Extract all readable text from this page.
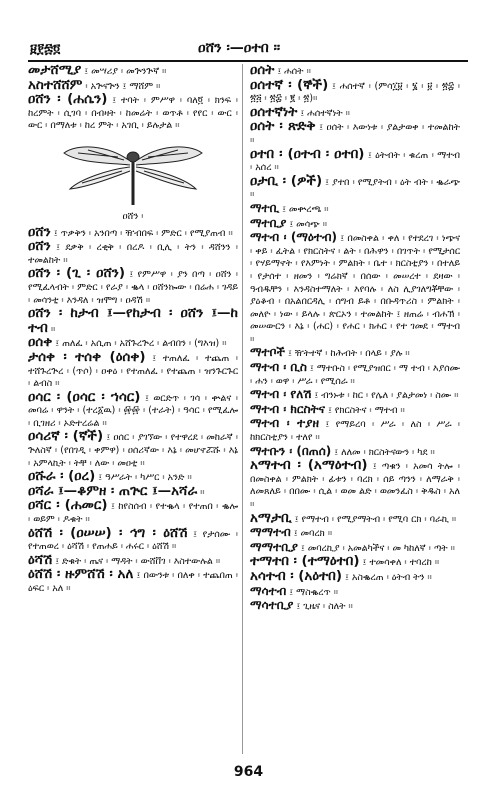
፱፻፷፬	ዐሸን ፡—ዐተበ ።

መታሸሚያ ፤ መሣሪያ ፡ መጕንጕኛ ።

አስተሸሸም ፡ አጕናጕን ፤ ማሸም ።

ዐሸን ፡ (ሐሴን) ፤ ተባት ፡ ምሥዋ ፡ ባለ፬ ፡ ክንፍ ፡ ከረምት ፡ ሲገባ ፡ በብዛት ፡ ከመሬት ፡ ወጥቶ ፡ የየር ፡ ውር ፡ ውር ፡ በማለቱ ፡ ከረ ምት ፡ አገቢ ፡ ይሉታል ።

ዐሸን ፡

ዐሸን ፤ ጥቃቅን ፡ አንበጣ ፡ ዥብበፍ ፡ ምድር ፡ የሚያጠብ ።

ዐሸን ፤ ደቃቅ ፡ ረቂቅ ፡ በረዶ ፡ ቢሊ ፡ ትን ፡ ዳሸንን ፡ ተመልከት ።

ዐሸን ፡ (ጊ ፡ ዐሸን) ፤ የምሥዋ ፡ ያን በጣ ፡ ዐሸን ፡ የሚፈላብት ፡ ምድር ፡ የራያ ፡ ቈላ ፡ ዐሸንኰው ፡ በሬሐ ፡ ገዳይ ፡ መሳንቲ ፡ እንዳለ ፡ ዝሞግ ፡ ዐዳሽ ።

ዐሸን ፡ ከታብ ፤—የከታብ ፡ ዐሸን ፤—ከ ተብ ።

ዐሰቀ ፤ ጠለፈ ፡ አሲጠ ፡ አሸጉረጕረ ፡ ልብበን ፡ (ግእዝ) ።

ታሰቀ ፡ ተሰቀ (ዕሰቀ) ፤ ተጠለፈ ፡ ተጨጠ ፡ ተሸጉረጕረ ፡ (ጥሶ) ፡ ዐቀዕ ፡ የተጠለፈ ፡ የተጨጠ ፡ ዝንጉርጉር ፡ ልብስ ።

ዐሳር ፡ (ዐሳር ፡ ኀሳር) ፤ ወርድጥ ፡ ገሳ ፡ ቍልና ፡ መባሬ ፡ ዋንት ፡ (ተረ፩ዉ) ፡ ፼፼ ፡ (ተራት) ፡ ዓሳር ፡ የሚፈሎ ፡ ቢገዘሪ ፡ ኦድተረሬል ።

ዐሳሪኛ ፡ (ኛች) ፤ ዐሰር ፡ ያገኘው ፡ የተዋረደ ፡ መከራኛ ፡ ጕለስኛ ፡ (የበገዲ ፡ ቀምዋ) ፡ ዐሰሪኛው ፡ እኔ ፡ መሆኖሯሹ ፡ እኔ ፡ አምላኪት ፡ ትቸ ፡ ለው ፡ መዐቲ ።

ዐሹራ ፡ (ዐረ) ፤ ዓሥራት ፡ ካሥር ፡ አንድ ።

ዐሻራ ፤—ቆምዘ ፡ ጠጕር ፤—አሻራ ።

ዐሻር ፡ (ሐመር) ፤ ከየስሰብ ፡ የተቈላ ፡ የተጠበ ፡ ቈሎ ፡ ወይም ፡ ዶቁት ።

ዕሸሽ ፡ (ዐሠሠ) ፡ ኅግ ፡ ዕሸሽ ፤ የታሰሙ ፡ የተጠወረ ፡ ዕሻሽ ፡ የጠሐይ ፡ ሐሩር ፡ ዕሸሽ ።

ዕሻሽ ፤ ድቁት ፡ ጤና ፡ ማዳት ፡ ውሸቨገ ፡ እስተውሉል ።

ዕሸሽ ፡ ዙምሸሽ ፡ አለ ፤ በውንቱ ፡ በለቀ ፡ ተጨበጠ ፡ ዕፍር ፡ አለ ።

ዐሰት ፤ ሐሰት ።

ዐሰተኛ ፡ (ኞች) ፤ ሐሰተኛ ፡ (ምሳ፲፱ ፡ ፮ ፡ ፱ ፡ ፳፰ ፡ ፳፭ ፡ ፳፰ ፡ ፪ ፡ ፳)።

ዐሰተኛነት ፤ ሐሰተኛነት ።

ዐሰት ፡ ጽድቅ ፤ ዐሰት ፡ እውነቱ ፡ ያልታወቀ ፡ ተመልከት ።

ዐተበ ፡ (ዐተብ ፡ ዐተበ) ፤ ዕትብት ፡ ቁረጠ ፡ ማተብ ፡ አሰረ ።

ዐታቢ ፡ (ዎች) ፤ ያተበ ፡ የሚያትብ ፡ ዕት ብት ፡ ቈራጭ ።

ማተቢ ፤ መቍረጫ ።

ማተቢያ ፤ መሳጭ ።

ማተብ ፡ (ማዕተብ) ፤ በመስቀል ፡ ቀለ ፡ የተደረገ ፡ ነጭና ፡ ቀይ ፡ ፈትል ፡ የክርስትና ፡ ልት ፡ በሕዋን ፡ በገጥት ፡ የሚታሰር ፡ የሃይማኖት ፡ የእምነት ፡ ምልክት ፡ ቤተ ፡ ክርስቲያን ፡ በተለይ ፡ የታሰተ ፡ ዘመን ፡ ግሬክኛ ፡ በሰው ፡ መሠረተ ፡ ደዛው ፡ ዓብዱቸን ፡ እንዳስተማለት ፡ እየባሉ ፡ ለስ ሊያገለግቾቸው ፡ ያዕቆብ ፡ በአልበርዳሊ ፡ ሰግብ ይቶ ፡ በቡዳጥሪስ ፡ ምልክት ፡ መለዮ ፡ ነው ፡ ይላሉ ፡ ጵርኦን ፡ ተመልከት ፤ ዘጠሬ ፡ ብሐኽ ፡ መሠውርን ፡ እኔ ፡ (ሐር) ፡ የሐር ፡ ክሐር ፡ የተ ገመደ ፡ ማተብ ።

ማተቦች ፤ ዥትተኛ ፡ ከሕብት ፡ በላይ ፡ ያሉ ።

ማተብ ፡ ቢስ ፤ ማተቡስ ፡ የሚያዝበር ፡ ማ ተብ ፡ እያሰሙ ፡ ሐን ፡ ወዋ ፡ ሥራ ፡ የሚሰራ ።

ማተብ ፡ የለሽ ፤ ብንኑቱ ፡ ከር ፡ የሌለ ፡ ያልታመነ ፡ ስሙ ።

ማተብ ፡ ክርስትና ፤ የክርስትና ፡ ማተብ ።

ማተብ ፡ ተያዘ ፤ የማይረባ ፡ ሥራ ፡ ለስ ፡ ሥራ ፡ ከክርስቲያን ፡ ተለየ ።

ማተቡን ፡ (በጠሰ) ፤ ለለመ ፡ ክርስትናውን ፡ ካደ ።

አማተብ ፡ (አማዕተብ) ፤ ጣቁን ፡ አመሳ ትሎ ፡ በመስቀል ፡ ምልክት ፡ ፊቱን ፡ ባረክ ፡ ሰይ ጣንን ፡ ለማራቅ ፡ ለመጸለይ ፡ በበሙ ፡ ሲል ፡ ወመ ልድ ፡ ወመንፈስ ፡ ቅዱስ ፡ አለ ።

አማታቢ ፤ የማተብ ፡ የሚያማትብ ፡ የሚባ ርክ ፡ ባራኪ ።

ማማተብ ፤ መባረክ ።

ማማተቢያ ፤ መባረኪያ ፡ አመልካችና ፡ መ ካከለኛ ፡ ጣት ።

ተማተበ ፡ (ተማዕተበ) ፤ ተመሳቀለ ፡ ተባረከ ።

አሳተብ ፡ (አዕተበ) ፤ አስቈረጠ ፡ ዕትብ ትን ።

ማሳተብ ፤ ማስቈረጥ ።

ማሳተቢያ ፤ ጊዜና ፡ ስለት ።

964
